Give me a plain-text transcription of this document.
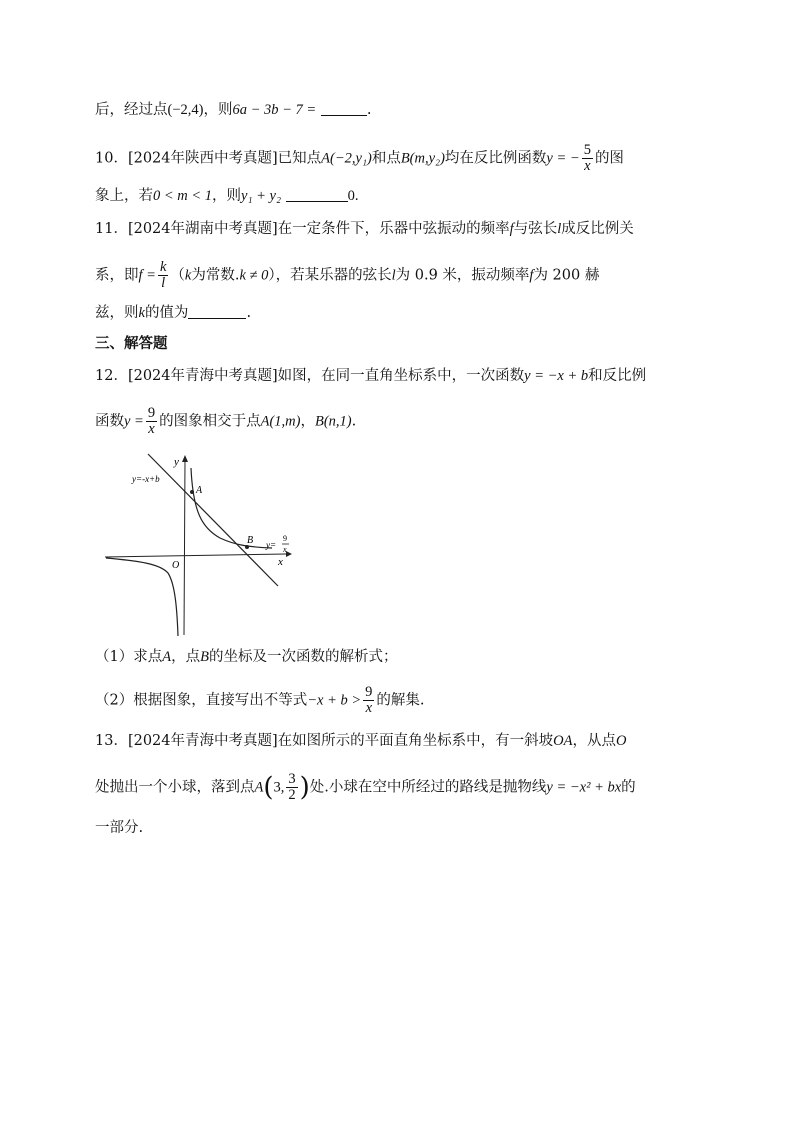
后，经过点(−2,4)，则6a − 3b − 7 =	.
10．[2024年陕西中考真题]已知点A(−2,y₁)和点B(m,y₂)均在反比例函数y = − $\frac{5}{x}$ 的图
象上，若0 < m < 1，则y₁ + y₂	0.
11．[2024年湖南中考真题]在一定条件下，乐器中弦振动的频率f与弦长l成反比例关
系，即$f = \frac{k}{l} (k$为常数.k ≠ 0），若某乐器的弦长l为 0.9 米，振动频率f为 200 赫
兹，则k的值为	.
三、解答题
12．[2024年青海中考真题]如图，在同一直角坐标系中，一次函数y = −x + b和反比例
函数$y = \frac{9}{x}$ 的图象相交于点A(1,m)，B(n,1).
y=-x+b
y
x
O
A
B y=
9
x
（1）求点A，点B的坐标及一次函数的解析式；
（2）根据图象，直接写出不等式$-x + b > \frac{9}{x}$ 的解集.
13．[2024年青海中考真题]在如图所示的平面直角坐标系中，有一斜坡OA，从点O
处抛出一个小球，落到点A(3, $\frac{3}{2}$ )处.小球在空中所经过的路线是抛物线y = −x² + bx的
一部分.
